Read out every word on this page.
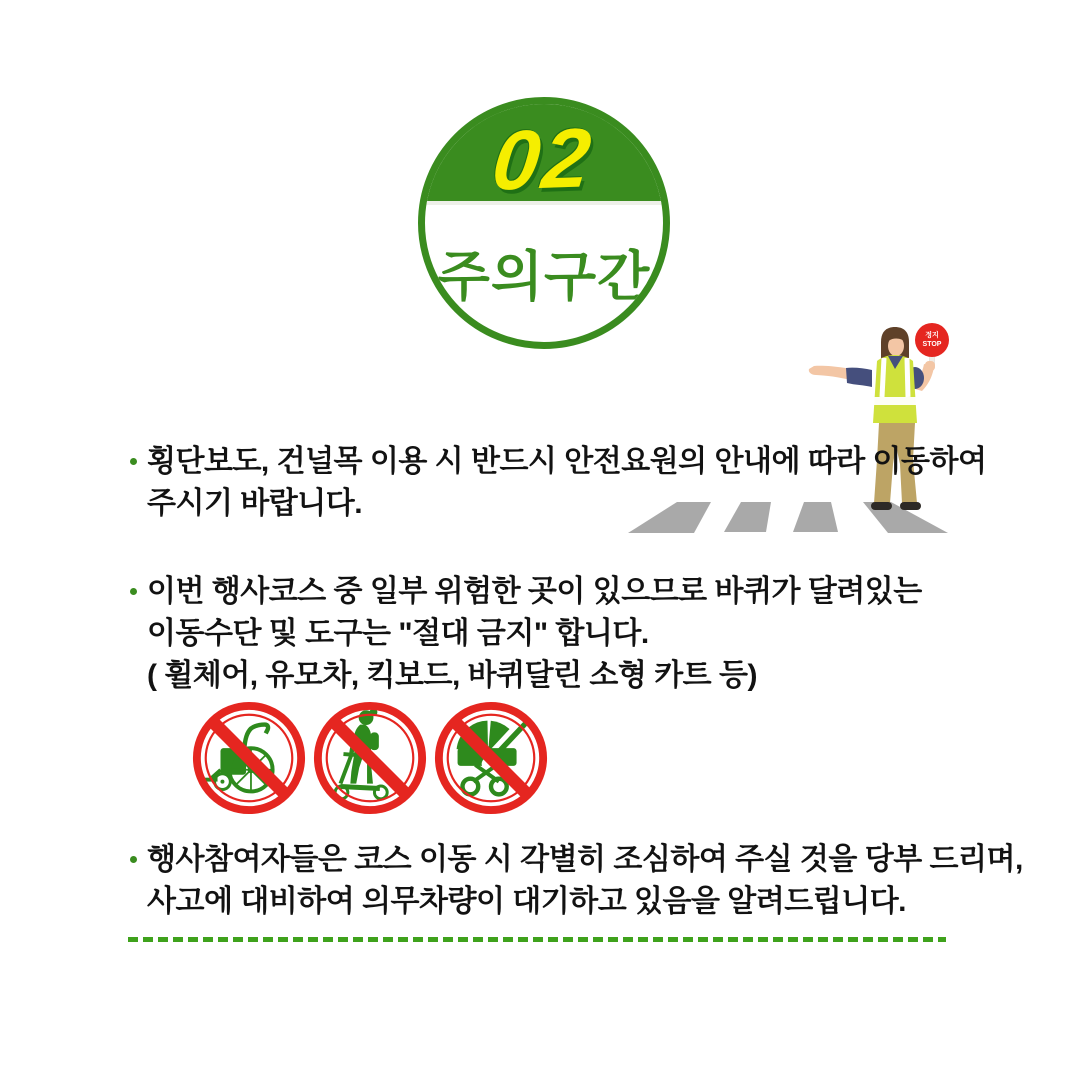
02
주의구간
정지
STOP
횡단보도, 건널목 이용 시 반드시 안전요원의 안내에 따라 이동하여
주시기 바랍니다.
이번 행사코스 중 일부 위험한 곳이 있으므로 바퀴가 달려있는
이동수단 및 도구는 "절대 금지" 합니다.
( 휠체어, 유모차, 킥보드, 바퀴달린 소형 카트 등)
행사참여자들은 코스 이동 시 각별히 조심하여 주실 것을 당부 드리며,
사고에 대비하여 의무차량이 대기하고 있음을 알려드립니다.
